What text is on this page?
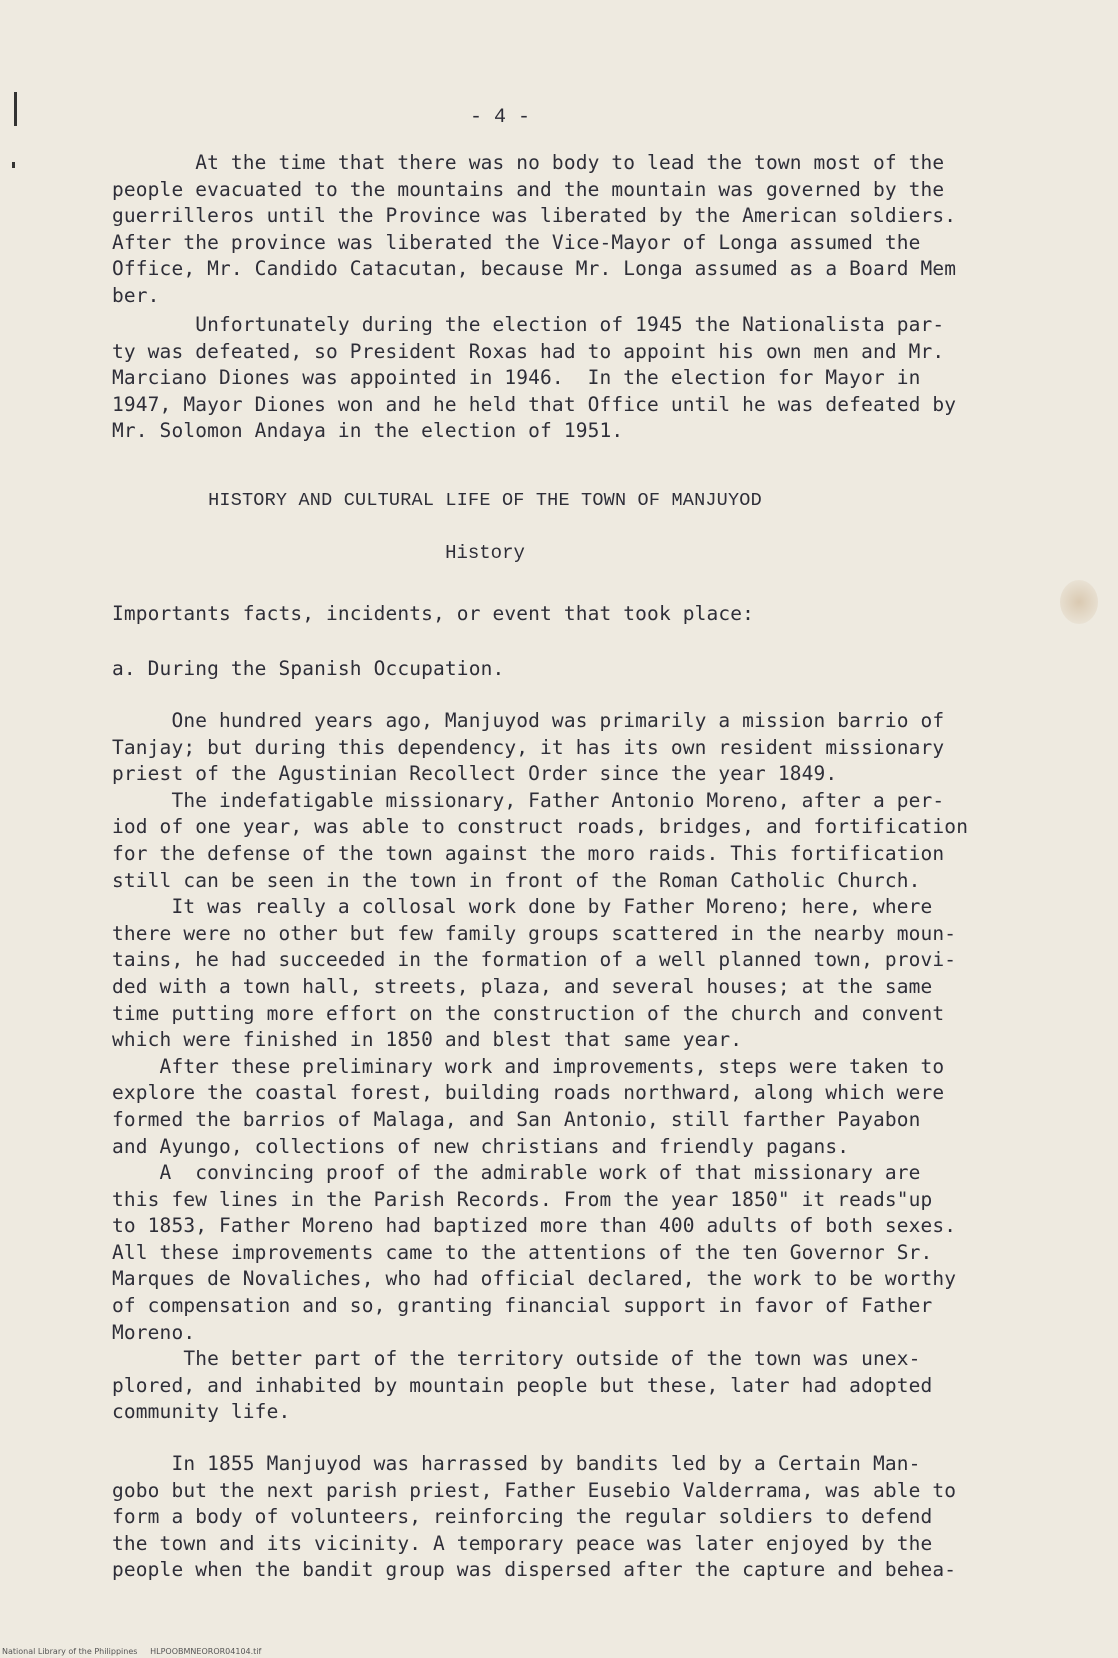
- 4 -
At the time that there was no body to lead the town most of the
people evacuated to the mountains and the mountain was governed by the
guerrilleros until the Province was liberated by the American soldiers.
After the province was liberated the Vice-Mayor of Longa assumed the
Office, Mr. Candido Catacutan, because Mr. Longa assumed as a Board Mem
ber.
Unfortunately during the election of 1945 the Nationalista par-
ty was defeated, so President Roxas had to appoint his own men and Mr.
Marciano Diones was appointed in 1946.  In the election for Mayor in
1947, Mayor Diones won and he held that Office until he was defeated by
Mr. Solomon Andaya in the election of 1951.
HISTORY AND CULTURAL LIFE OF THE TOWN OF MANJUYOD
History
Importants facts, incidents, or event that took place:
a. During the Spanish Occupation.
One hundred years ago, Manjuyod was primarily a mission barrio of
Tanjay; but during this dependency, it has its own resident missionary
priest of the Agustinian Recollect Order since the year 1849.
The indefatigable missionary, Father Antonio Moreno, after a per-
iod of one year, was able to construct roads, bridges, and fortification
for the defense of the town against the moro raids. This fortification
still can be seen in the town in front of the Roman Catholic Church.
It was really a collosal work done by Father Moreno; here, where
there were no other but few family groups scattered in the nearby moun-
tains, he had succeeded in the formation of a well planned town, provi-
ded with a town hall, streets, plaza, and several houses; at the same
time putting more effort on the construction of the church and convent
which were finished in 1850 and blest that same year.
After these preliminary work and improvements, steps were taken to
explore the coastal forest, building roads northward, along which were
formed the barrios of Malaga, and San Antonio, still farther Payabon
and Ayungo, collections of new christians and friendly pagans.
A  convincing proof of the admirable work of that missionary are
this few lines in the Parish Records. From the year 1850" it reads"up
to 1853, Father Moreno had baptized more than 400 adults of both sexes.
All these improvements came to the attentions of the ten Governor Sr.
Marques de Novaliches, who had official declared, the work to be worthy
of compensation and so, granting financial support in favor of Father
Moreno.
The better part of the territory outside of the town was unex-
plored, and inhabited by mountain people but these, later had adopted
community life.
In 1855 Manjuyod was harrassed by bandits led by a Certain Man-
gobo but the next parish priest, Father Eusebio Valderrama, was able to
form a body of volunteers, reinforcing the regular soldiers to defend
the town and its vicinity. A temporary peace was later enjoyed by the
people when the bandit group was dispersed after the capture and behea-
National Library of the Philippines     HLPOOBMNEOROR04104.tif
